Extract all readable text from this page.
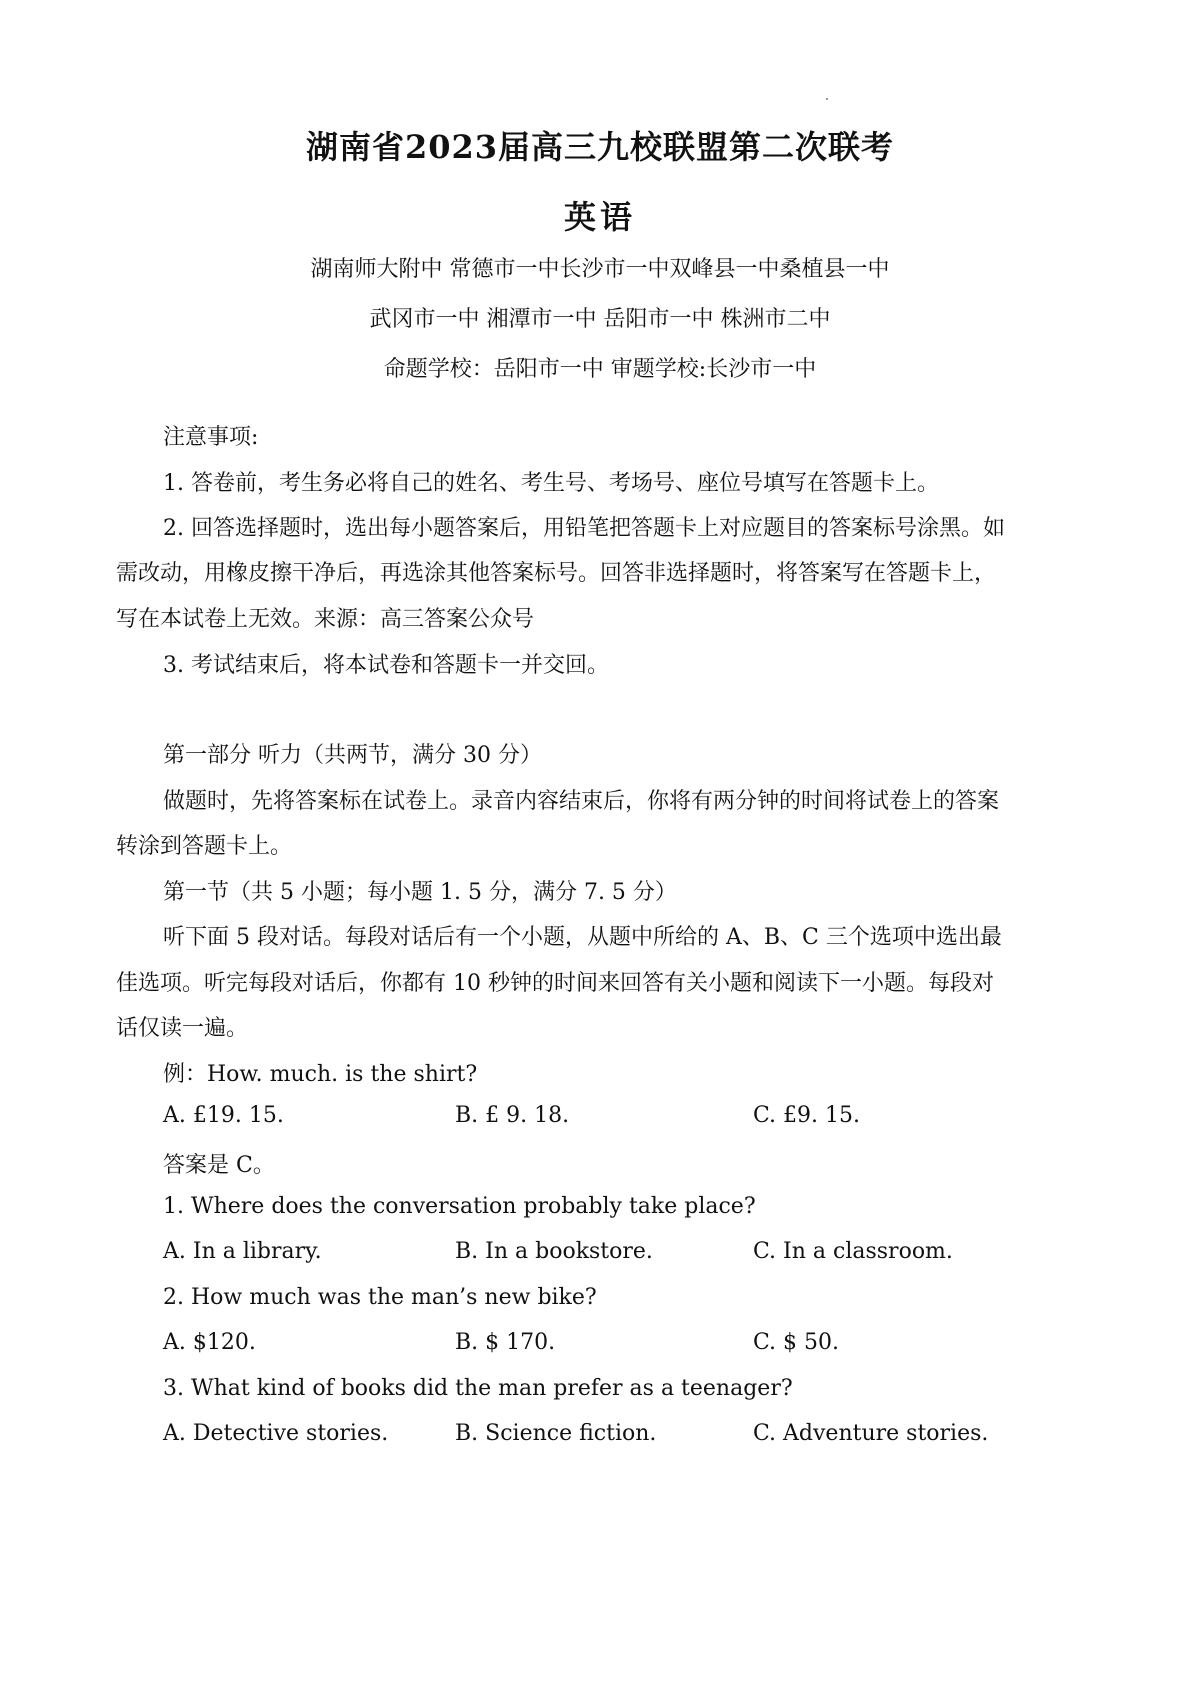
湖南省2023届高三九校联盟第二次联考
英语
湖南师大附中 常德市一中长沙市一中双峰县一中桑植县一中
武冈市一中 湘潭市一中 岳阳市一中 株洲市二中
命题学校：岳阳市一中 审题学校:长沙市一中
注意事项:
1. 答卷前，考生务必将自己的姓名、考生号、考场号、座位号填写在答题卡上。
2. 回答选择题时，选出每小题答案后，用铅笔把答题卡上对应题目的答案标号涂黑。如
需改动，用橡皮擦干净后，再选涂其他答案标号。回答非选择题时，将答案写在答题卡上，
写在本试卷上无效。来源：高三答案公众号
3. 考试结束后，将本试卷和答题卡一并交回。
第一部分 听力（共两节，满分 30 分）
做题时，先将答案标在试卷上。录音内容结束后，你将有两分钟的时间将试卷上的答案
转涂到答题卡上。
第一节（共 5 小题；每小题 1. 5 分，满分 7. 5 分）
听下面 5 段对话。每段对话后有一个小题，从题中所给的 A、B、C 三个选项中选出最
佳选项。听完每段对话后，你都有 10 秒钟的时间来回答有关小题和阅读下一小题。每段对
话仅读一遍。
例：How. much. is the shirt?
A. £19. 15.	B. £ 9. 18.	C. £9. 15.
答案是 C。
1. Where does the conversation probably take place?
A. In a library.	B. In a bookstore.	C. In a classroom.
2. How much was the man’s new bike?
A. $120.	B. $ 170.	C. $ 50.
3. What kind of books did the man prefer as a teenager?
A. Detective stories.	B. Science fiction.	C. Adventure stories.
